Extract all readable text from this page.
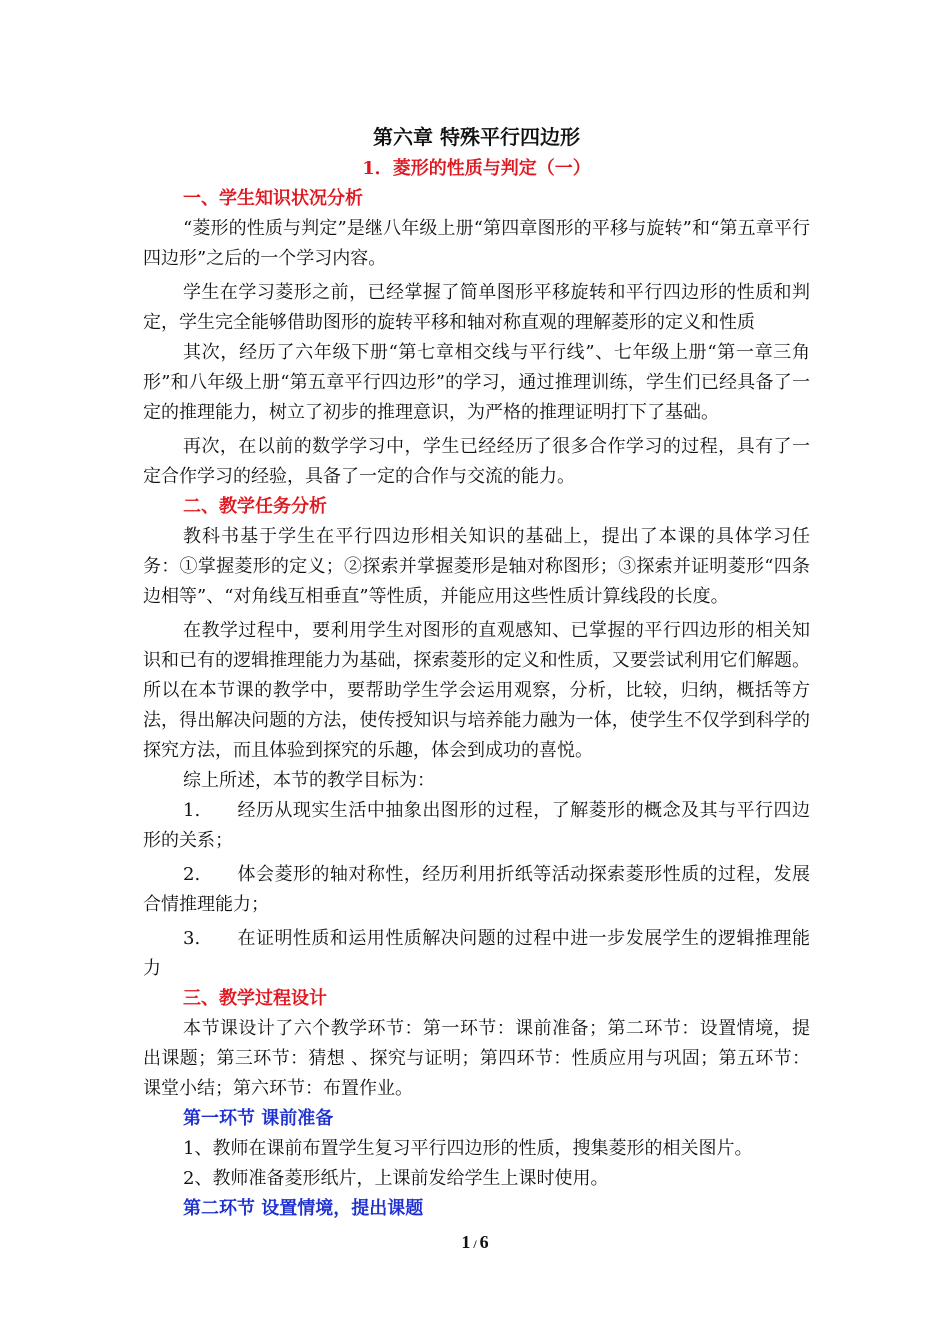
第六章 特殊平行四边形
1．菱形的性质与判定（一）
一、学生知识状况分析

“菱形的性质与判定”是继八年级上册“第四章图形的平移与旋转”和“第五章平行四边形”之后的一个学习内容。

学生在学习菱形之前，已经掌握了简单图形平移旋转和平行四边形的性质和判定，学生完全能够借助图形的旋转平移和轴对称直观的理解菱形的定义和性质

其次，经历了六年级下册“第七章相交线与平行线”、七年级上册“第一章三角形”和八年级上册“第五章平行四边形”的学习，通过推理训练，学生们已经具备了一定的推理能力，树立了初步的推理意识，为严格的推理证明打下了基础。

再次，在以前的数学学习中，学生已经经历了很多合作学习的过程，具有了一定合作学习的经验，具备了一定的合作与交流的能力。

二、教学任务分析

教科书基于学生在平行四边形相关知识的基础上，提出了本课的具体学习任务：①掌握菱形的定义；②探索并掌握菱形是轴对称图形；③探索并证明菱形“四条边相等”、“对角线互相垂直”等性质，并能应用这些性质计算线段的长度。

在教学过程中，要利用学生对图形的直观感知、已掌握的平行四边形的相关知识和已有的逻辑推理能力为基础，探索菱形的定义和性质，又要尝试利用它们解题。所以在本节课的教学中，要帮助学生学会运用观察，分析，比较，归纳，概括等方法，得出解决问题的方法，使传授知识与培养能力融为一体，使学生不仅学到科学的探究方法，而且体验到探究的乐趣，体会到成功的喜悦。

综上所述，本节的教学目标为：

1. 经历从现实生活中抽象出图形的过程，了解菱形的概念及其与平行四边形的关系；

2. 体会菱形的轴对称性，经历利用折纸等活动探索菱形性质的过程，发展合情推理能力；

3. 在证明性质和运用性质解决问题的过程中进一步发展学生的逻辑推理能力

三、教学过程设计

本节课设计了六个教学环节：第一环节：课前准备；第二环节：设置情境，提出课题；第三环节：猜想 、探究与证明；第四环节：性质应用与巩固；第五环节：课堂小结；第六环节：布置作业。

第一环节 课前准备

1、教师在课前布置学生复习平行四边形的性质，搜集菱形的相关图片。

2、教师准备菱形纸片，上课前发给学生上课时使用。

第二环节 设置情境，提出课题
1 / 6
